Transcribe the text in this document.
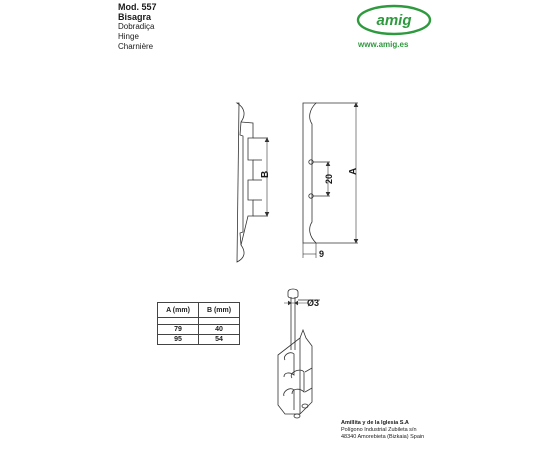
Mod. 557
Bisagra
Dobradiça
Hinge
Charnière
amig
www.amig.es
B	20
A
9
Ø3
A (mm)	B (mm)

79	40
95	54
Amillita y de la Iglesia S.A
Polígono Industrial Zubileta s/n
48340 Amorebieta (Bizkaia) Spain
